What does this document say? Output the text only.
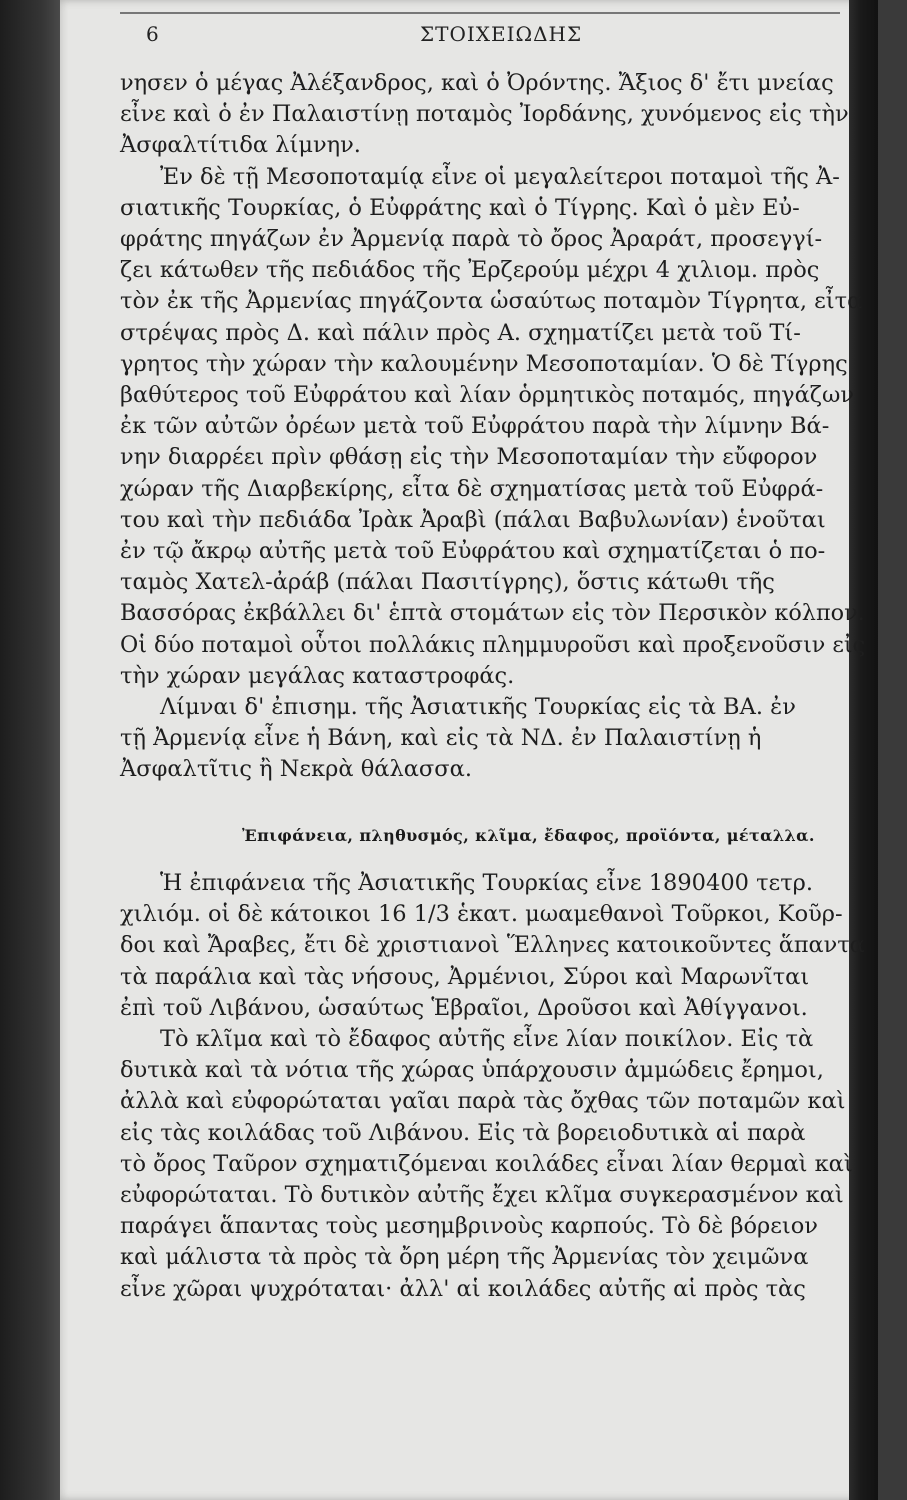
6	ΣΤΟΙΧΕΙΩΔΗΣ
νησεν ὁ μέγας Ἀλέξανδρος, καὶ ὁ Ὀρόντης. Ἄξιος δ' ἔτι μνείας
εἶνε καὶ ὁ ἐν Παλαιστίνῃ ποταμὸς Ἰορδάνης, χυνόμενος εἰς τὴν
Ἀσφαλτίτιδα λίμνην.
Ἐν δὲ τῇ Μεσοποταμίᾳ εἶνε οἱ μεγαλείτεροι ποταμοὶ τῆς Ἀ-
σιατικῆς Τουρκίας, ὁ Εὐφράτης καὶ ὁ Τίγρης. Καὶ ὁ μὲν Εὐ-
φράτης πηγάζων ἐν Ἀρμενίᾳ παρὰ τὸ ὄρος Ἀραράτ, προσεγγί-
ζει κάτωθεν τῆς πεδιάδος τῆς Ἐρζερούμ μέχρι 4 χιλιομ. πρὸς
τὸν ἐκ τῆς Ἀρμενίας πηγάζοντα ὡσαύτως ποταμὸν Τίγρητα, εἶτα
στρέψας πρὸς Δ. καὶ πάλιν πρὸς Α. σχηματίζει μετὰ τοῦ Τί-
γρητος τὴν χώραν τὴν καλουμένην Μεσοποταμίαν. Ὁ δὲ Τίγρης
βαθύτερος τοῦ Εὐφράτου καὶ λίαν ὁρμητικὸς ποταμός, πηγάζων
ἐκ τῶν αὐτῶν ὀρέων μετὰ τοῦ Εὐφράτου παρὰ τὴν λίμνην Βά-
νην διαρρέει πρὶν φθάσῃ εἰς τὴν Μεσοποταμίαν τὴν εὔφορον
χώραν τῆς Διαρβεκίρης, εἶτα δὲ σχηματίσας μετὰ τοῦ Εὐφρά-
του καὶ τὴν πεδιάδα Ἰρὰκ Ἀραβὶ (πάλαι Βαβυλωνίαν) ἑνοῦται
ἐν τῷ ἄκρῳ αὐτῆς μετὰ τοῦ Εὐφράτου καὶ σχηματίζεται ὁ πο-
ταμὸς Χατελ-ἀράβ (πάλαι Πασιτίγρης), ὅστις κάτωθι τῆς
Βασσόρας ἐκβάλλει δι' ἑπτὰ στομάτων εἰς τὸν Περσικὸν κόλπον.
Οἱ δύο ποταμοὶ οὗτοι πολλάκις πλημμυροῦσι καὶ προξενοῦσιν εἰς
τὴν χώραν μεγάλας καταστροφάς.
Λίμναι δ' ἐπισημ. τῆς Ἀσιατικῆς Τουρκίας εἰς τὰ ΒΑ. ἐν
τῇ Ἀρμενίᾳ εἶνε ἡ Βάνη, καὶ εἰς τὰ ΝΔ. ἐν Παλαιστίνῃ ἡ
Ἀσφαλτῖτις ἢ Νεκρὰ θάλασσα.
Ἐπιφάνεια, πληθυσμός, κλῖμα, ἔδαφος, προϊόντα, μέταλλα.
Ἡ ἐπιφάνεια τῆς Ἀσιατικῆς Τουρκίας εἶνε 1890400 τετρ.
χιλιόμ. οἱ δὲ κάτοικοι 16 1/3 ἑκατ. μωαμεθανοὶ Τοῦρκοι, Κοῦρ-
δοι καὶ Ἄραβες, ἔτι δὲ χριστιανοὶ Ἕλληνες κατοικοῦντες ἅπαντα
τὰ παράλια καὶ τὰς νήσους, Ἀρμένιοι, Σύροι καὶ Μαρωνῖται
ἐπὶ τοῦ Λιβάνου, ὡσαύτως Ἑβραῖοι, Δροῦσοι καὶ Ἀθίγγανοι.
Τὸ κλῖμα καὶ τὸ ἔδαφος αὐτῆς εἶνε λίαν ποικίλον. Εἰς τὰ
δυτικὰ καὶ τὰ νότια τῆς χώρας ὑπάρχουσιν ἀμμώδεις ἔρημοι,
ἀλλὰ καὶ εὐφορώταται γαῖαι παρὰ τὰς ὄχθας τῶν ποταμῶν καὶ
εἰς τὰς κοιλάδας τοῦ Λιβάνου. Εἰς τὰ βορειοδυτικὰ αἱ παρὰ
τὸ ὄρος Ταῦρον σχηματιζόμεναι κοιλάδες εἶναι λίαν θερμαὶ καὶ
εὐφορώταται. Τὸ δυτικὸν αὐτῆς ἔχει κλῖμα συγκερασμένον καὶ
παράγει ἅπαντας τοὺς μεσημβρινοὺς καρπούς. Τὸ δὲ βόρειον
καὶ μάλιστα τὰ πρὸς τὰ ὄρη μέρη τῆς Ἀρμενίας τὸν χειμῶνα
εἶνε χῶραι ψυχρόταται· ἀλλ' αἱ κοιλάδες αὐτῆς αἱ πρὸς τὰς
